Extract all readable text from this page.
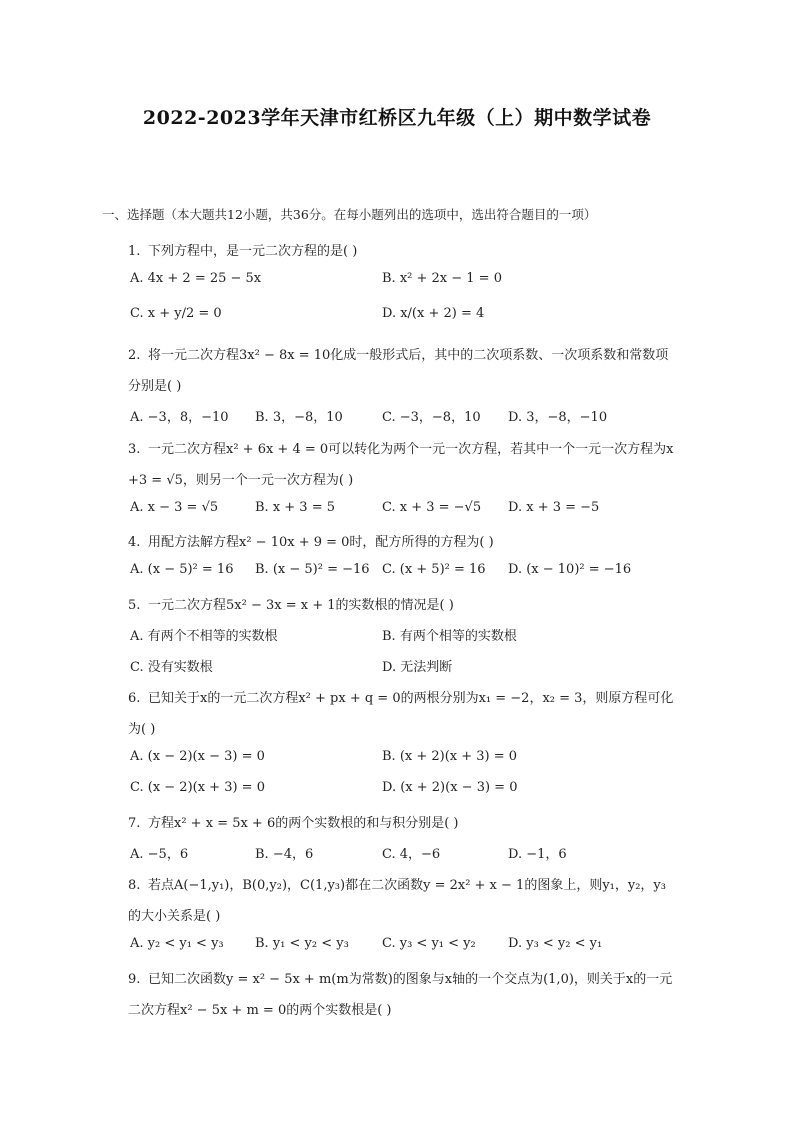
2022-2023学年天津市红桥区九年级（上）期中数学试卷
一、选择题（本大题共12小题，共36分。在每小题列出的选项中，选出符合题目的一项）
1. 下列方程中，是一元二次方程的是( )
A. 4x + 2 = 25 − 5x	B. x² + 2x − 1 = 0
C. x + y/2 = 0	D. x/(x + 2) = 4
2. 将一元二次方程3x² − 8x = 10化成一般形式后，其中的二次项系数、一次项系数和常数项
分别是( )
A. −3，8，−10 B. 3，−8，10	C. −3，−8，10 D. 3，−8，−10
3. 一元二次方程x² + 6x + 4 = 0可以转化为两个一元一次方程，若其中一个一元一次方程为x
+3 = √5，则另一个一元一次方程为( )
A. x − 3 = √5	B. x + 3 = 5	C. x + 3 = −√5 D. x + 3 = −5
4. 用配方法解方程x² − 10x + 9 = 0时，配方所得的方程为( )
A. (x − 5)² = 16 B. (x − 5)² = −16 C. (x + 5)² = 16 D. (x − 10)² = −16
5. 一元二次方程5x² − 3x = x + 1的实数根的情况是( )
A. 有两个不相等的实数根	B. 有两个相等的实数根
C. 没有实数根	D. 无法判断
6. 已知关于x的一元二次方程x² + px + q = 0的两根分别为x₁ = −2，x₂ = 3，则原方程可化
为( )
A. (x − 2)(x − 3) = 0	B. (x + 2)(x + 3) = 0
C. (x − 2)(x + 3) = 0	D. (x + 2)(x − 3) = 0
7. 方程x² + x = 5x + 6的两个实数根的和与积分别是( )
A. −5，6	B. −4，6	C. 4，−6	D. −1，6
8. 若点A(−1,y₁)，B(0,y₂)，C(1,y₃)都在二次函数y = 2x² + x − 1的图象上，则y₁，y₂，y₃
的大小关系是( )
A. y₂ < y₁ < y₃ B. y₁ < y₂ < y₃	C. y₃ < y₁ < y₂ D. y₃ < y₂ < y₁
9. 已知二次函数y = x² − 5x + m(m为常数)的图象与x轴的一个交点为(1,0)，则关于x的一元
二次方程x² − 5x + m = 0的两个实数根是( )
